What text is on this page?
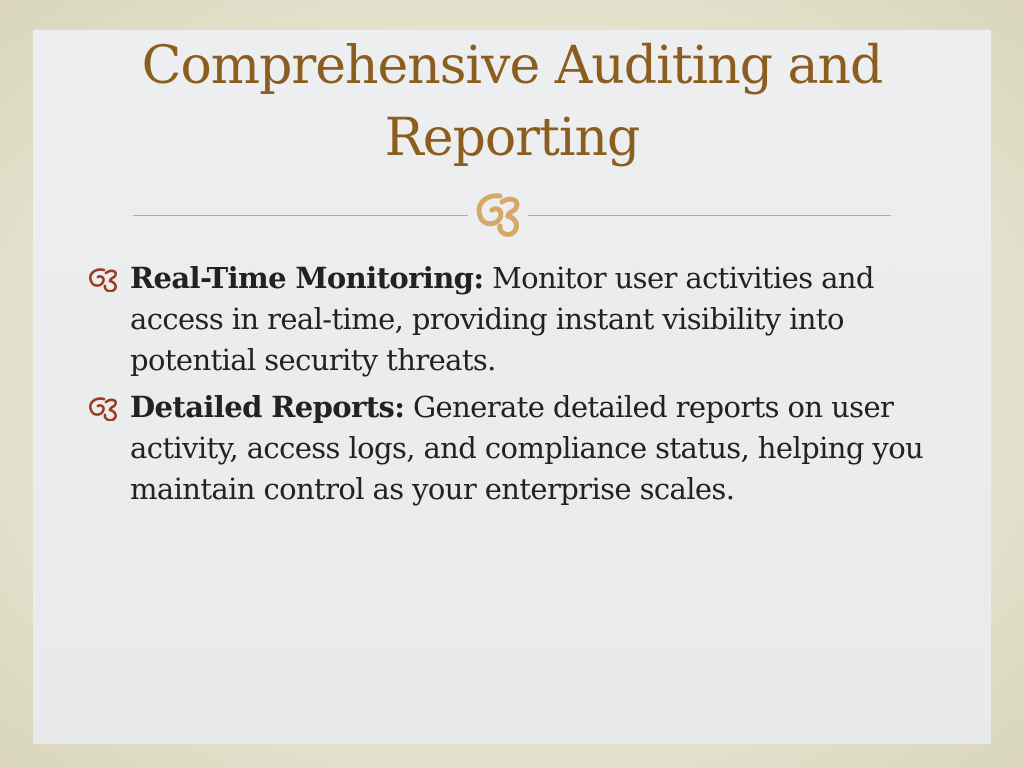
Comprehensive Auditing and
Reporting
Real-Time Monitoring: Monitor user activities and access in real-time, providing instant visibility into potential security threats.
Detailed Reports: Generate detailed reports on user activity, access logs, and compliance status, helping you maintain control as your enterprise scales.
